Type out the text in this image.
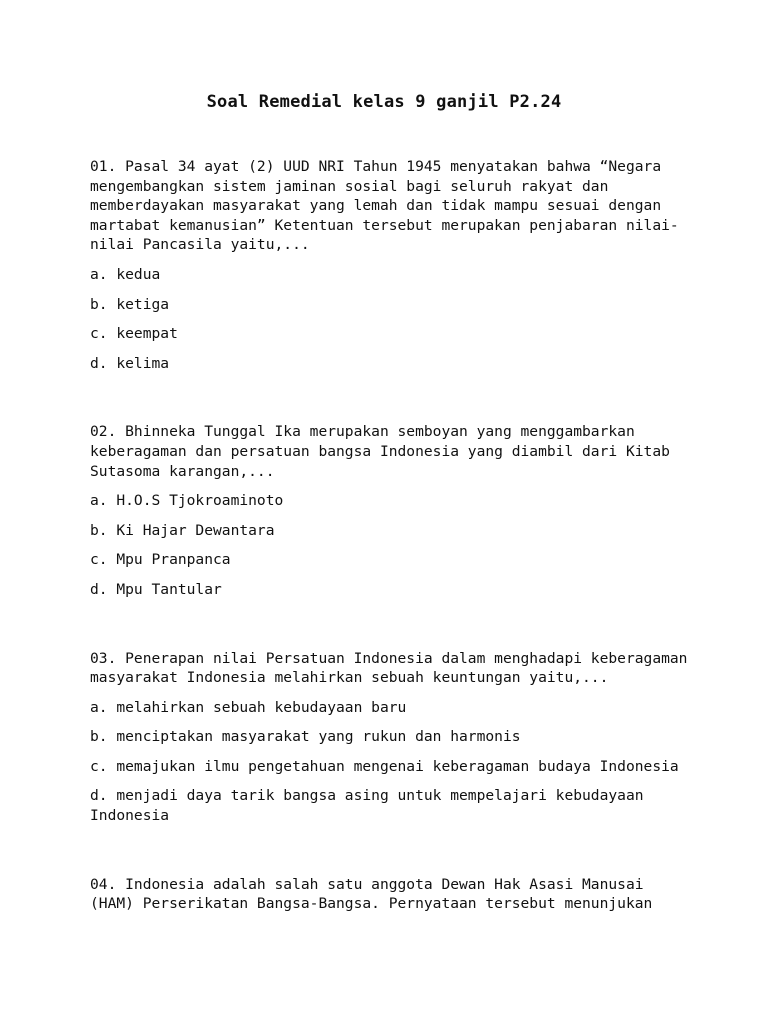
Soal Remedial kelas 9 ganjil P2.24
01. Pasal 34 ayat (2) UUD NRI Tahun 1945 menyatakan bahwa “Negara mengembangkan sistem jaminan sosial bagi seluruh rakyat dan memberdayakan masyarakat yang lemah dan tidak mampu sesuai dengan martabat kemanusian” Ketentuan tersebut merupakan penjabaran nilai-nilai Pancasila yaitu,...
a. kedua
b. ketiga
c. keempat
d. kelima
02. Bhinneka Tunggal Ika merupakan semboyan yang menggambarkan keberagaman dan persatuan bangsa Indonesia yang diambil dari Kitab Sutasoma karangan,...
a. H.O.S Tjokroaminoto
b. Ki Hajar Dewantara
c. Mpu Pranpanca
d. Mpu Tantular
03. Penerapan nilai Persatuan Indonesia dalam menghadapi keberagaman masyarakat Indonesia melahirkan sebuah keuntungan yaitu,...
a. melahirkan sebuah kebudayaan baru
b. menciptakan masyarakat yang rukun dan harmonis
c. memajukan ilmu pengetahuan mengenai keberagaman budaya Indonesia
d. menjadi daya tarik bangsa asing untuk mempelajari kebudayaan Indonesia
04. Indonesia adalah salah satu anggota Dewan Hak Asasi Manusai (HAM) Perserikatan Bangsa-Bangsa. Pernyataan tersebut menunjukan
